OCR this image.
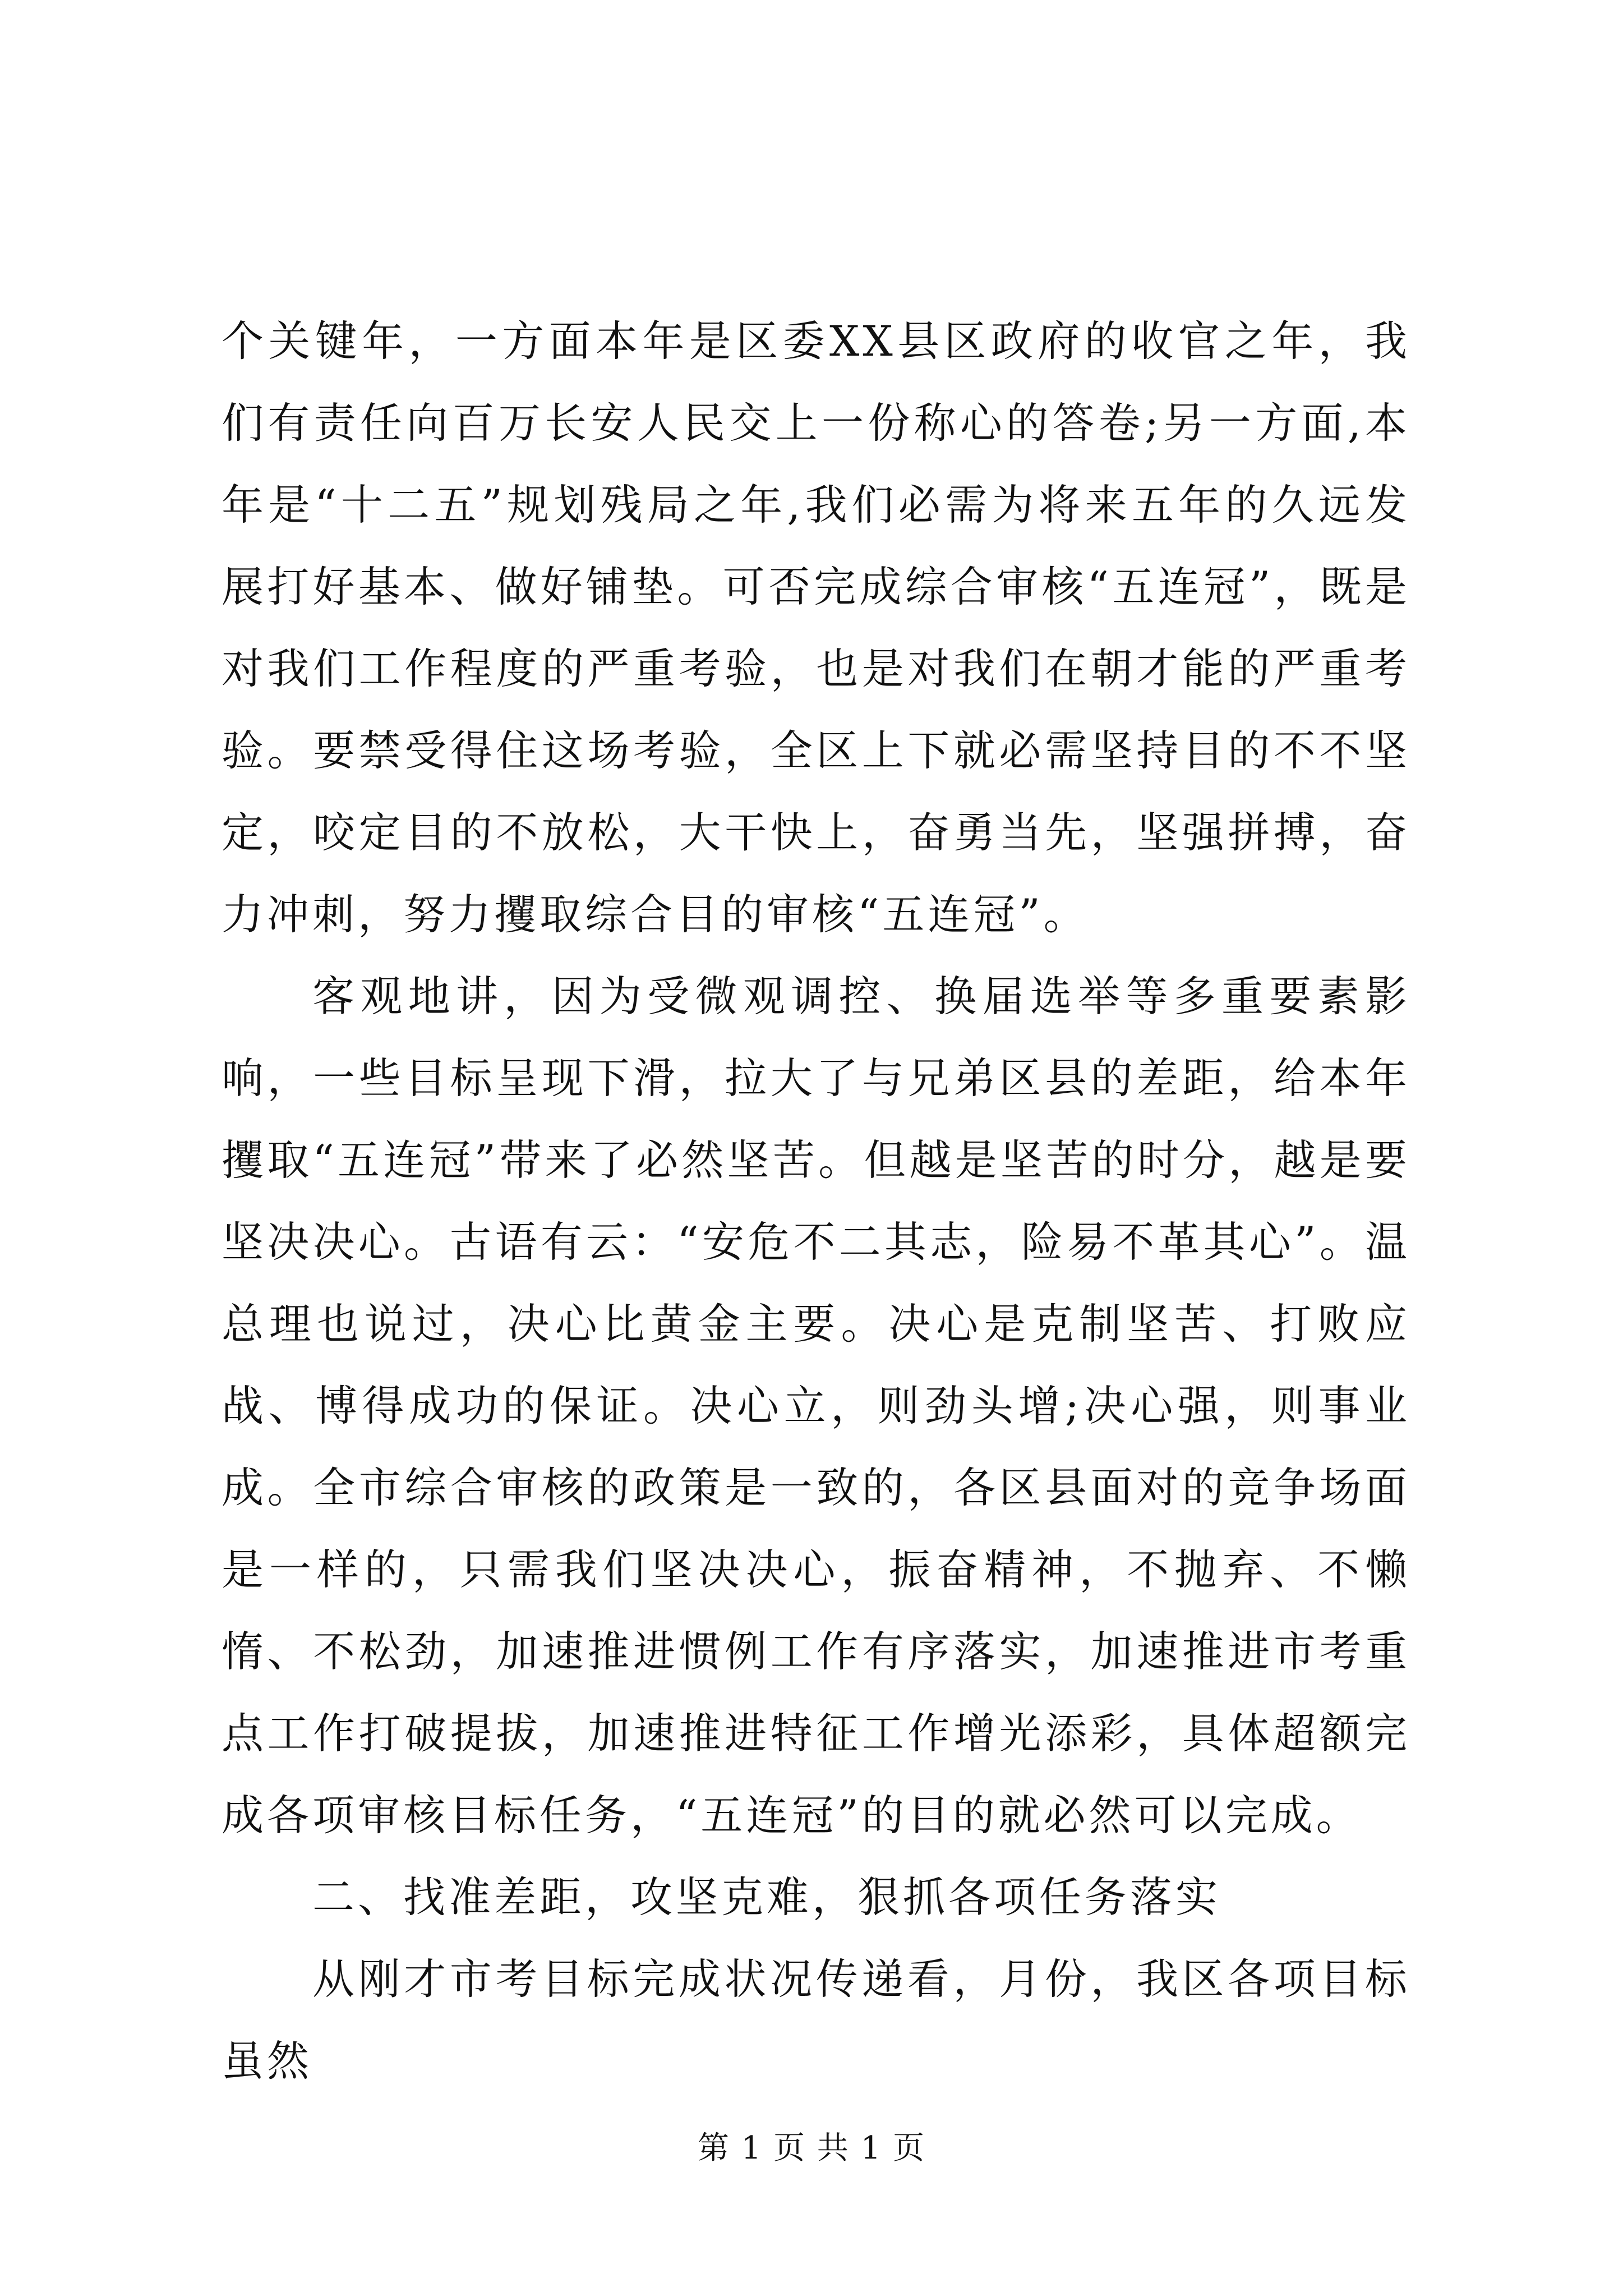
个关键年，一方面本年是区委XX县区政府的收官之年，我们有责任向百万长安人民交上一份称心的答卷;另一方面,本年是“十二五”规划残局之年,我们必需为将来五年的久远发展打好基本、做好铺垫。可否完成综合审核“五连冠”，既是对我们工作程度的严重考验，也是对我们在朝才能的严重考验。要禁受得住这场考验，全区上下就必需坚持目的不不坚定，咬定目的不放松，大干快上，奋勇当先，坚强拼搏，奋力冲刺，努力攫取综合目的审核“五连冠”。

客观地讲，因为受微观调控、换届选举等多重要素影响，一些目标呈现下滑，拉大了与兄弟区县的差距，给本年攫取“五连冠”带来了必然坚苦。但越是坚苦的时分，越是要坚决决心。古语有云：“安危不二其志，险易不革其心”。温总理也说过，决心比黄金主要。决心是克制坚苦、打败应战、博得成功的保证。决心立，则劲头增;决心强，则事业成。全市综合审核的政策是一致的，各区县面对的竞争场面是一样的，只需我们坚决决心，振奋精神，不抛弃、不懒惰、不松劲，加速推进惯例工作有序落实，加速推进市考重点工作打破提拔，加速推进特征工作增光添彩，具体超额完成各项审核目标任务，“五连冠”的目的就必然可以完成。

二、找准差距，攻坚克难，狠抓各项任务落实

从刚才市考目标完成状况传递看，月份，我区各项目标虽然

第 1 页 共 1 页
